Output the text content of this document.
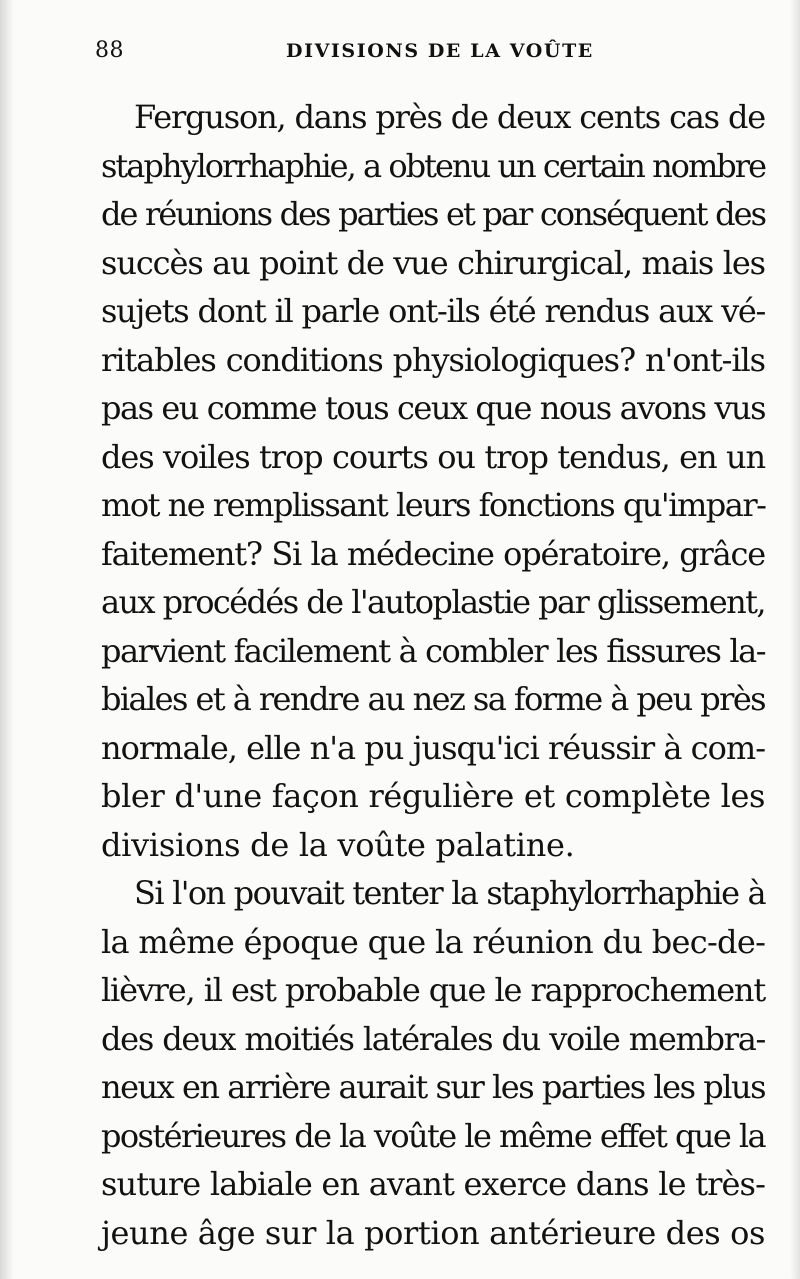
88	DIVISIONS DE LA VOÛTE
Ferguson, dans près de deux cents cas de
staphylorrhaphie, a obtenu un certain nombre
de réunions des parties et par conséquent des
succès au point de vue chirurgical, mais les
sujets dont il parle ont-ils été rendus aux vé-
ritables conditions physiologiques? n'ont-ils
pas eu comme tous ceux que nous avons vus
des voiles trop courts ou trop tendus, en un
mot ne remplissant leurs fonctions qu'impar-
faitement? Si la médecine opératoire, grâce
aux procédés de l'autoplastie par glissement,
parvient facilement à combler les fissures la-
biales et à rendre au nez sa forme à peu près
normale, elle n'a pu jusqu'ici réussir à com-
bler d'une façon régulière et complète les
divisions de la voûte palatine.
Si l'on pouvait tenter la staphylorrhaphie à
la même époque que la réunion du bec-de-
lièvre, il est probable que le rapprochement
des deux moitiés latérales du voile membra-
neux en arrière aurait sur les parties les plus
postérieures de la voûte le même effet que la
suture labiale en avant exerce dans le très-
jeune âge sur la portion antérieure des os
